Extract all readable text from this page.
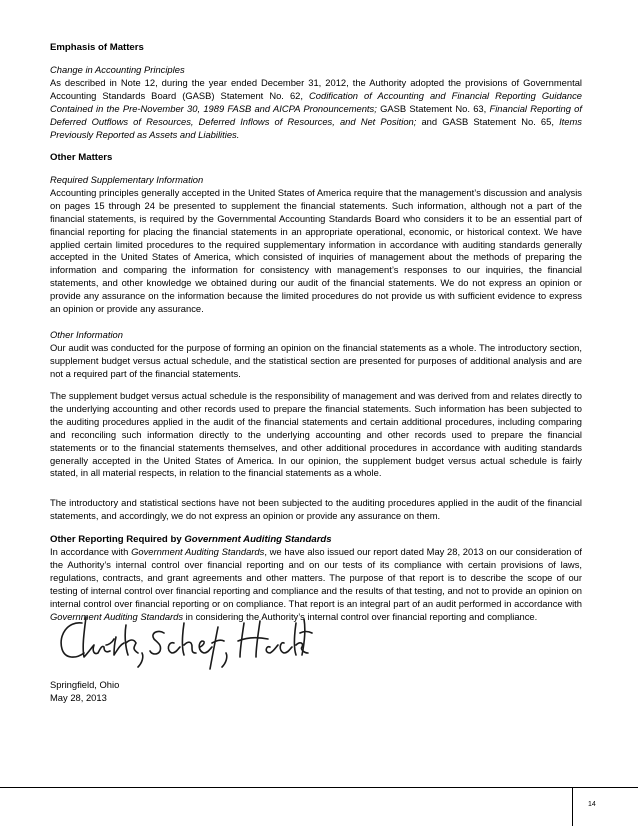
Emphasis of Matters

Change in Accounting Principles

As described in Note 12, during the year ended December 31, 2012, the Authority adopted the provisions of Governmental Accounting Standards Board (GASB) Statement No. 62, Codification of Accounting and Financial Reporting Guidance Contained in the Pre-November 30, 1989 FASB and AICPA Pronouncements; GASB Statement No. 63, Financial Reporting of Deferred Outflows of Resources, Deferred Inflows of Resources, and Net Position; and GASB Statement No. 65, Items Previously Reported as Assets and Liabilities.

Other Matters

Required Supplementary Information

Accounting principles generally accepted in the United States of America require that the management’s discussion and analysis on pages 15 through 24 be presented to supplement the financial statements. Such information, although not a part of the financial statements, is required by the Governmental Accounting Standards Board who considers it to be an essential part of financial reporting for placing the financial statements in an appropriate operational, economic, or historical context. We have applied certain limited procedures to the required supplementary information in accordance with auditing standards generally accepted in the United States of America, which consisted of inquiries of management about the methods of preparing the information and comparing the information for consistency with management’s responses to our inquiries, the financial statements, and other knowledge we obtained during our audit of the financial statements. We do not express an opinion or provide any assurance on the information because the limited procedures do not provide us with sufficient evidence to express an opinion or provide any assurance.

Other Information

Our audit was conducted for the purpose of forming an opinion on the financial statements as a whole. The introductory section, supplement budget versus actual schedule, and the statistical section are presented for purposes of additional analysis and are not a required part of the financial statements.

The supplement budget versus actual schedule is the responsibility of management and was derived from and relates directly to the underlying accounting and other records used to prepare the financial statements. Such information has been subjected to the auditing procedures applied in the audit of the financial statements and certain additional procedures, including comparing and reconciling such information directly to the underlying accounting and other records used to prepare the financial statements or to the financial statements themselves, and other additional procedures in accordance with auditing standards generally accepted in the United States of America. In our opinion, the supplement budget versus actual schedule is fairly stated, in all material respects, in relation to the financial statements as a whole.

The introductory and statistical sections have not been subjected to the auditing procedures applied in the audit of the financial statements, and accordingly, we do not express an opinion or provide any assurance on them.

Other Reporting Required by Government Auditing Standards

In accordance with Government Auditing Standards, we have also issued our report dated May 28, 2013 on our consideration of the Authority’s internal control over financial reporting and on our tests of its compliance with certain provisions of laws, regulations, contracts, and grant agreements and other matters. The purpose of that report is to describe the scope of our testing of internal control over financial reporting and compliance and the results of that testing, and not to provide an opinion on internal control over financial reporting or on compliance. That report is an integral part of an audit performed in accordance with Government Auditing Standards in considering the Authority’s internal control over financial reporting and compliance.

Springfield, Ohio

May 28, 2013

14
